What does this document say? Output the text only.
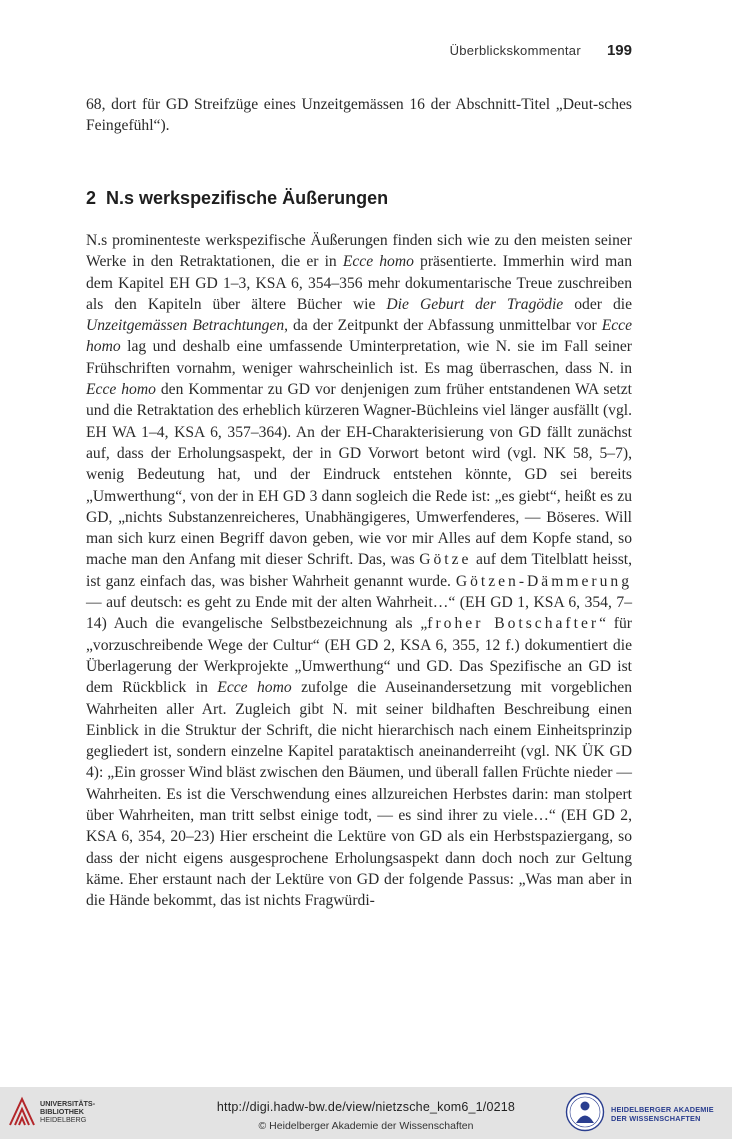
Überblickskommentar 199

68, dort für GD Streifzüge eines Unzeitgemässen 16 der Abschnitt-Titel „Deut-sches Feingefühl“).

2 N.s werkspezifische Äußerungen

N.s prominenteste werkspezifische Äußerungen finden sich wie zu den meisten seiner Werke in den Retraktationen, die er in Ecce homo präsentierte. Immerhin wird man dem Kapitel EH GD 1–3, KSA 6, 354–356 mehr dokumentarische Treue zuschreiben als den Kapiteln über ältere Bücher wie Die Geburt der Tragödie oder die Unzeitgemässen Betrachtungen, da der Zeitpunkt der Abfassung unmittelbar vor Ecce homo lag und deshalb eine umfassende Uminterpretation, wie N. sie im Fall seiner Frühschriften vornahm, weniger wahrscheinlich ist. Es mag überraschen, dass N. in Ecce homo den Kommentar zu GD vor denjenigen zum früher entstandenen WA setzt und die Retraktation des erheblich kürzeren Wagner-Büchleins viel länger ausfällt (vgl. EH WA 1–4, KSA 6, 357–364). An der EH-Charakterisierung von GD fällt zunächst auf, dass der Erholungsaspekt, der in GD Vorwort betont wird (vgl. NK 58, 5–7), wenig Bedeutung hat, und der Eindruck entstehen könnte, GD sei bereits „Umwerthung“, von der in EH GD 3 dann sogleich die Rede ist: „es giebt“, heißt es zu GD, „nichts Substanzenreicheres, Unabhängigeres, Umwerfenderes, — Böseres. Will man sich kurz einen Begriff davon geben, wie vor mir Alles auf dem Kopfe stand, so mache man den Anfang mit dieser Schrift. Das, was Götze auf dem Titelblatt heisst, ist ganz einfach das, was bisher Wahrheit genannt wurde. Götzen-Dämmerung — auf deutsch: es geht zu Ende mit der alten Wahrheit…“ (EH GD 1, KSA 6, 354, 7–14) Auch die evangelische Selbstbezeichnung als „froher Botschafter“ für „vorzuschreibende Wege der Cultur“ (EH GD 2, KSA 6, 355, 12 f.) dokumentiert die Überlagerung der Werkprojekte „Umwerthung“ und GD. Das Spezifische an GD ist dem Rückblick in Ecce homo zufolge die Auseinandersetzung mit vorgeblichen Wahrheiten aller Art. Zugleich gibt N. mit seiner bildhaften Beschreibung einen Einblick in die Struktur der Schrift, die nicht hierarchisch nach einem Einheitsprinzip gegliedert ist, sondern einzelne Kapitel parataktisch aneinanderreiht (vgl. NK ÜK GD 4): „Ein grosser Wind bläst zwischen den Bäumen, und überall fallen Früchte nieder — Wahrheiten. Es ist die Verschwendung eines allzureichen Herbstes darin: man stolpert über Wahrheiten, man tritt selbst einige todt, — es sind ihrer zu viele…“ (EH GD 2, KSA 6, 354, 20–23) Hier erscheint die Lektüre von GD als ein Herbstspaziergang, so dass der nicht eigens ausgesprochene Erholungsaspekt dann doch noch zur Geltung käme. Eher erstaunt nach der Lektüre von GD der folgende Passus: „Was man aber in die Hände bekommt, das ist nichts Fragwürdi-

UNIVERSITÄTS-
BIBLIOTHEK
HEIDELBERG
http://digi.hadw-bw.de/view/nietzsche_kom6_1/0218
© Heidelberger Akademie der Wissenschaften
HEIDELBERGER AKADEMIE
DER WISSENSCHAFTEN
